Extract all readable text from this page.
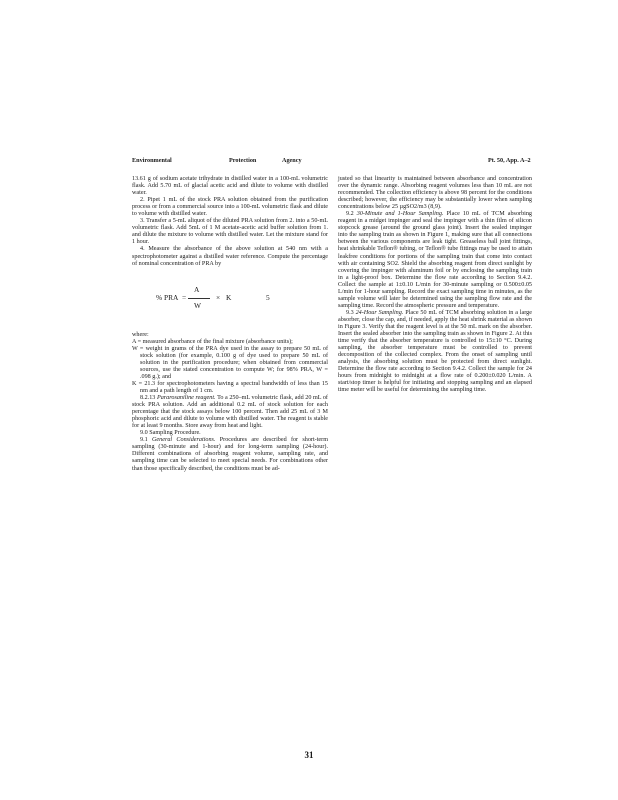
Environmental	Protection	Agency	Pt. 50, App. A–2

13.61 g of sodium acetate trihydrate in distilled water in a 100-mL volumetric flask. Add 5.70 mL of glacial acetic acid and dilute to volume with distilled water.

2. Pipet 1 mL of the stock PRA solution obtained from the purification process or from a commercial source into a 100-mL volumetric flask and dilute to volume with distilled water.

3. Transfer a 5-mL aliquot of the diluted PRA solution from 2. into a 50-mL volumetric flask. Add 5mL of 1 M acetate-acetic acid buffer solution from 1. and dilute the mixture to volume with distilled water. Let the mixture stand for 1 hour.

4. Measure the absorbance of the above solution at 540 nm with a spectrophotometer against a distilled water reference. Compute the percentage of nominal concentration of PRA by

% PRA =
A
W
× K	5

where:

A = measured absorbance of the final mixture (absorbance units);

W = weight in grams of the PRA dye used in the assay to prepare 50 mL of stock solution (for example, 0.100 g of dye used to prepare 50 mL of solution in the purification procedure; when obtained from commercial sources, use the stated concentration to compute W; for 98% PRA, W = .098 g.); and

K = 21.3 for spectrophotometers having a spectral bandwidth of less than 15 nm and a path length of 1 cm.

8.2.13 Pararosaniline reagent. To a 250–mL volumetric flask, add 20 mL of stock PRA solution. Add an additional 0.2 mL of stock solution for each percentage that the stock assays below 100 percent. Then add 25 mL of 3 M phosphoric acid and dilute to volume with distilled water. The reagent is stable for at least 9 months. Store away from heat and light.

9.0 Sampling Procedure.

9.1 General Considerations. Procedures are described for short-term sampling (30-minute and 1-hour) and for long-term sampling (24-hour). Different combinations of absorbing reagent volume, sampling rate, and sampling time can be selected to meet special needs. For combinations other than those specifically described, the conditions must be ad-

justed so that linearity is maintained between absorbance and concentration over the dynamic range. Absorbing reagent volumes less than 10 mL are not recommended. The collection efficiency is above 98 percent for the conditions described; however, the efficiency may be substantially lower when sampling concentrations below 25 µgSO2/m3 (8,9).

9.2 30-Minute and 1-Hour Sampling. Place 10 mL of TCM absorbing reagent in a midget impinger and seal the impinger with a thin film of silicon stopcock grease (around the ground glass joint). Insert the sealed impinger into the sampling train as shown in Figure 1, making sure that all connections between the various components are leak tight. Greaseless ball joint fittings, heat shrinkable Teflon® tubing, or Teflon® tube fittings may be used to attain leakfree conditions for portions of the sampling train that come into contact with air containing SO2. Shield the absorbing reagent from direct sunlight by covering the impinger with aluminum foil or by enclosing the sampling train in a light-proof box. Determine the flow rate according to Section 9.4.2. Collect the sample at 1±0.10 L/min for 30-minute sampling or 0.500±0.05 L/min for 1-hour sampling. Record the exact sampling time in minutes, as the sample volume will later be determined using the sampling flow rate and the sampling time. Record the atmospheric pressure and temperature.

9.3 24-Hour Sampling. Place 50 mL of TCM absorbing solution in a large absorber, close the cap, and, if needed, apply the heat shrink material as shown in Figure 3. Verify that the reagent level is at the 50 mL mark on the absorber. Insert the sealed absorber into the sampling train as shown in Figure 2. At this time verify that the absorber temperature is controlled to 15±10 °C. During sampling, the absorber temperature must be controlled to prevent decomposition of the collected complex. From the onset of sampling until analysis, the absorbing solution must be protected from direct sunlight. Determine the flow rate according to Section 9.4.2. Collect the sample for 24 hours from midnight to midnight at a flow rate of 0.200±0.020 L/min. A start/stop timer is helpful for initiating and stopping sampling and an elapsed time meter will be useful for determining the sampling time.

31
